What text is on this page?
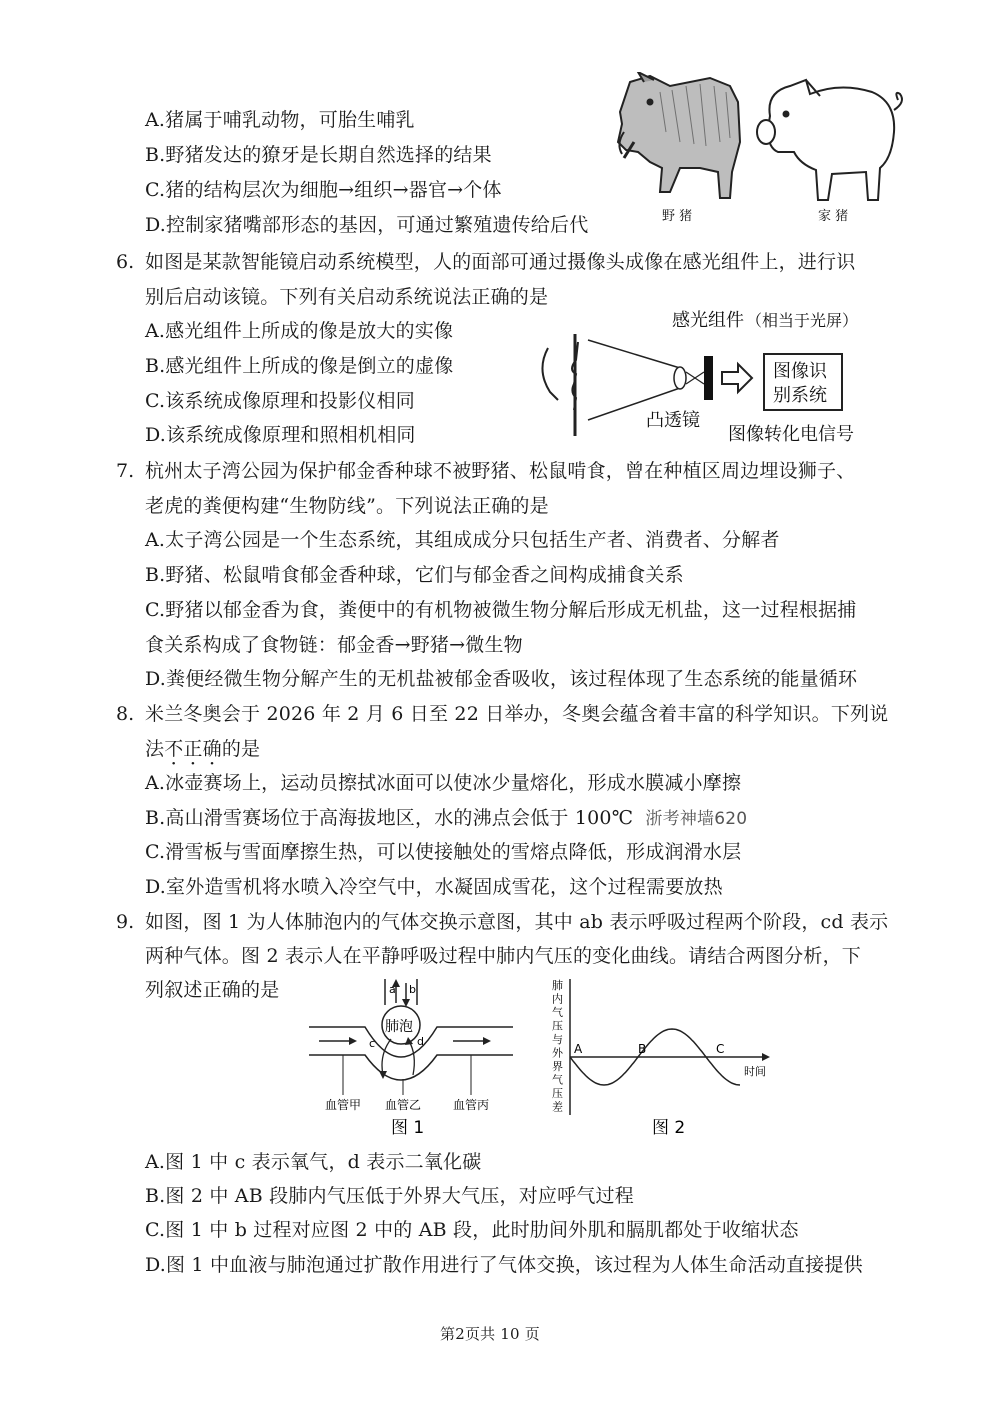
A.猪属于哺乳动物，可胎生哺乳
B.野猪发达的獠牙是长期自然选择的结果
C.猪的结构层次为细胞→组织→器官→个体
D.控制家猪嘴部形态的基因，可通过繁殖遗传给后代	野 猪	家 猪
6. 如图是某款智能镜启动系统模型，人的面部可通过摄像头成像在感光组件上，进行识
别后启动该镜。下列有关启动系统说法正确的是
A.感光组件上所成的像是放大的实像
B.感光组件上所成的像是倒立的虚像
C.该系统成像原理和投影仪相同
D.该系统成像原理和照相机相同
感光组件 （相当于光屏）
图像识
别系统
凸透镜
图像转化电信号
7. 杭州太子湾公园为保护郁金香种球不被野猪、松鼠啃食，曾在种植区周边埋设狮子、
老虎的粪便构建“生物防线”。下列说法正确的是
A.太子湾公园是一个生态系统，其组成成分只包括生产者、消费者、分解者
B.野猪、松鼠啃食郁金香种球，它们与郁金香之间构成捕食关系
C.野猪以郁金香为食，粪便中的有机物被微生物分解后形成无机盐，这一过程根据捕
食关系构成了食物链：郁金香→野猪→微生物
D.粪便经微生物分解产生的无机盐被郁金香吸收，该过程体现了生态系统的能量循环
8. 米兰冬奥会于 2026 年 2 月 6 日至 22 日举办，冬奥会蕴含着丰富的科学知识。下列说
法不正确的是
A.冰壶赛场上，运动员擦拭冰面可以使冰少量熔化，形成水膜减小摩擦
B.高山滑雪赛场位于高海拔地区，水的沸点会低于 100℃ 浙考神墙620
C.滑雪板与雪面摩擦生热，可以使接触处的雪熔点降低，形成润滑水层
D.室外造雪机将水喷入冷空气中，水凝固成雪花，这个过程需要放热
9. 如图，图 1 为人体肺泡内的气体交换示意图，其中 ab 表示呼吸过程两个阶段，cd 表示
两种气体。图 2 表示人在平静呼吸过程中肺内气压的变化曲线。请结合两图分析，下
列叙述正确的是	a b
肺泡
c	d
血管甲 血管乙	血管丙
图 1
肺
内
气
压
与
外
界
气
压
差
A	B	C
时间
图 2
A.图 1 中 c 表示氧气，d 表示二氧化碳
B.图 2 中 AB 段肺内气压低于外界大气压，对应呼气过程
C.图 1 中 b 过程对应图 2 中的 AB 段，此时肋间外肌和膈肌都处于收缩状态
D.图 1 中血液与肺泡通过扩散作用进行了气体交换，该过程为人体生命活动直接提供
第2页共 10 页
